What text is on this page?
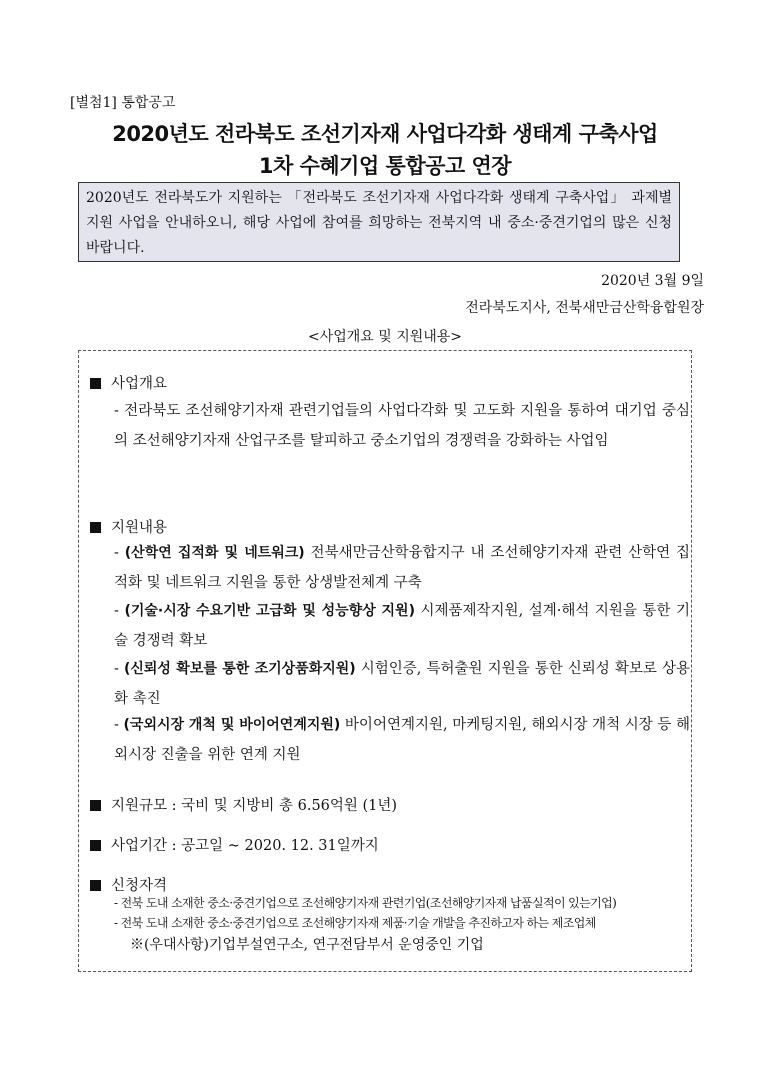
[별첨1] 통합공고
2020년도 전라북도 조선기자재 사업다각화 생태계 구축사업
1차 수혜기업 통합공고 연장
2020년도 전라북도가 지원하는 「전라북도 조선기자재 사업다각화 생태계 구축사업」 과제별 지원 사업을 안내하오니, 해당 사업에 참여를 희망하는 전북지역 내 중소·중견기업의 많은 신청 바랍니다.
2020년 3월 9일
전라북도지사, 전북새만금산학융합원장
<사업개요 및 지원내용>
사업개요
- 전라북도 조선해양기자재 관련기업들의 사업다각화 및 고도화 지원을 통하여 대기업 중심의 조선해양기자재 산업구조를 탈피하고 중소기업의 경쟁력을 강화하는 사업임
지원내용
- (산학연 집적화 및 네트워크) 전북새만금산학융합지구 내 조선해양기자재 관련 산학연 집적화 및 네트워크 지원을 통한 상생발전체계 구축
- (기술·시장 수요기반 고급화 및 성능향상 지원) 시제품제작지원, 설계·해석 지원을 통한 기술 경쟁력 확보
- (신뢰성 확보를 통한 조기상품화지원) 시험인증, 특허출원 지원을 통한 신뢰성 확보로 상용화 촉진
- (국외시장 개척 및 바이어연계지원) 바이어연계지원, 마케팅지원, 해외시장 개척 시장 등 해외시장 진출을 위한 연계 지원
지원규모 : 국비 및 지방비 총 6.56억원 (1년)
사업기간 : 공고일 ~ 2020. 12. 31일까지
신청자격
- 전북 도내 소재한 중소·중견기업으로 조선해양기자재 관련기업(조선해양기자재 납품실적이 있는기업)
- 전북 도내 소재한 중소·중견기업으로 조선해양기자재 제품·기술 개발을 추진하고자 하는 제조업체
※(우대사항)기업부설연구소, 연구전담부서 운영중인 기업
